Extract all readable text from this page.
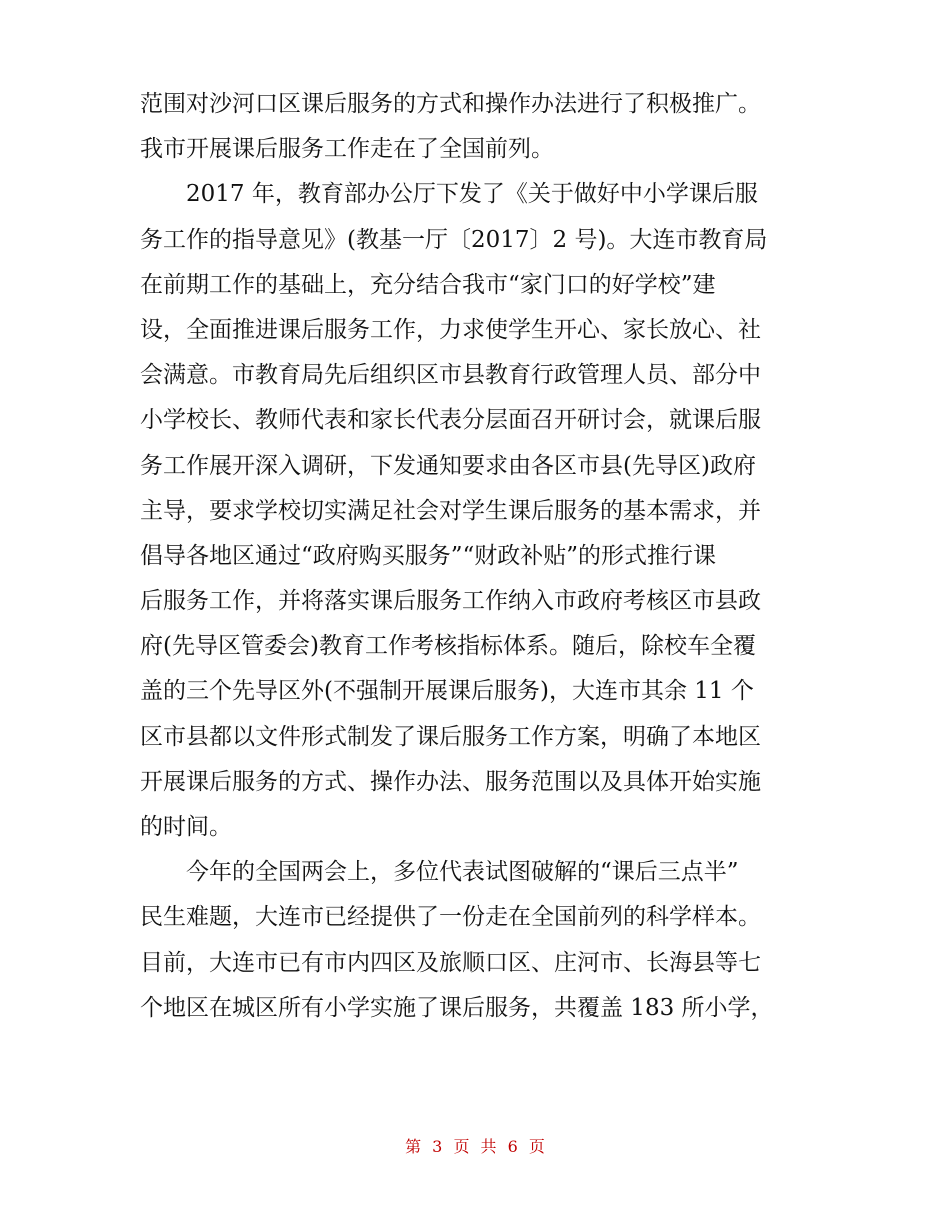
范围对沙河口区课后服务的方式和操作办法进行了积极推广。
我市开展课后服务工作走在了全国前列。
　　2017 年，教育部办公厅下发了《关于做好中小学课后服
务工作的指导意见》(教基一厅〔2017〕2 号)。大连市教育局
在前期工作的基础上，充分结合我市“家门口的好学校”建
设，全面推进课后服务工作，力求使学生开心、家长放心、社
会满意。市教育局先后组织区市县教育行政管理人员、部分中
小学校长、教师代表和家长代表分层面召开研讨会，就课后服
务工作展开深入调研，下发通知要求由各区市县(先导区)政府
主导，要求学校切实满足社会对学生课后服务的基本需求，并
倡导各地区通过“政府购买服务”“财政补贴”的形式推行课
后服务工作，并将落实课后服务工作纳入市政府考核区市县政
府(先导区管委会)教育工作考核指标体系。随后，除校车全覆
盖的三个先导区外(不强制开展课后服务)，大连市其余 11 个
区市县都以文件形式制发了课后服务工作方案，明确了本地区
开展课后服务的方式、操作办法、服务范围以及具体开始实施
的时间。
　　今年的全国两会上，多位代表试图破解的“课后三点半”
民生难题，大连市已经提供了一份走在全国前列的科学样本。
目前，大连市已有市内四区及旅顺口区、庄河市、长海县等七
个地区在城区所有小学实施了课后服务，共覆盖 183 所小学，
第 3 页 共 6 页
